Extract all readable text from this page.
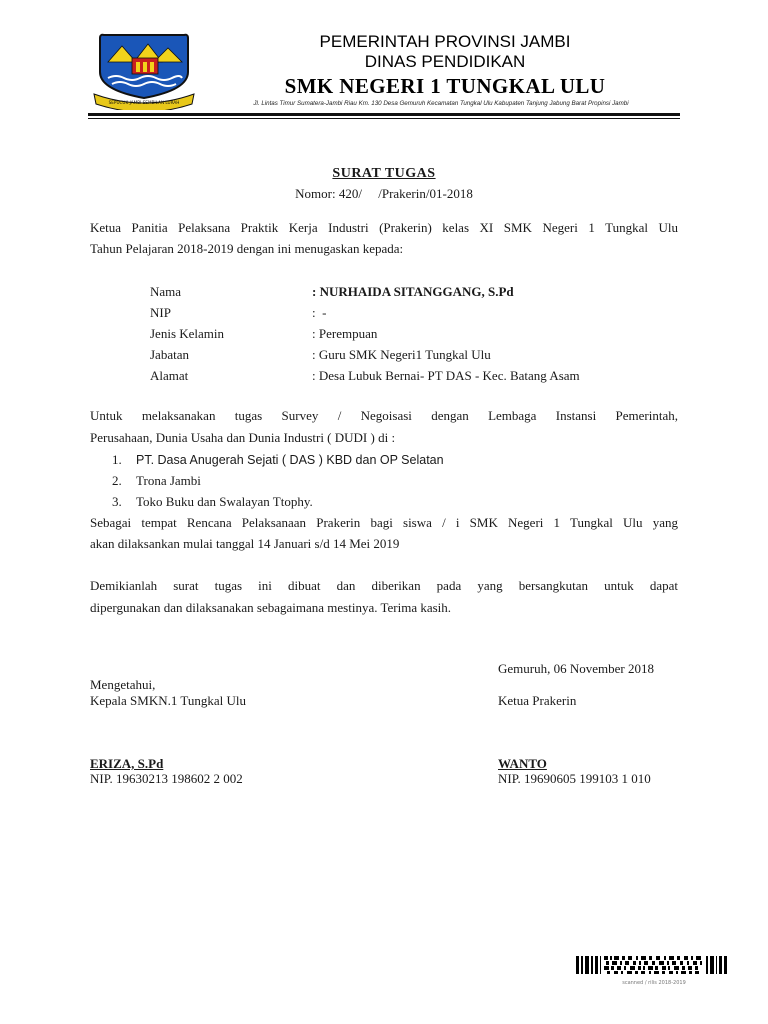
SEPUCUK JAMBI SEMBILAN LURAH
PEMERINTAH PROVINSI JAMBI
DINAS PENDIDIKAN
SMK NEGERI 1 TUNGKAL ULU
Jl. Lintas Timur Sumatera-Jambi Riau Km. 130 Desa Gemuruh Kecamatan Tungkal Ulu Kabupaten Tanjung Jabung Barat Propinsi Jambi
SURAT TUGAS
Nomor: 420/     /Prakerin/01-2018
Ketua Panitia Pelaksana Praktik Kerja Industri (Prakerin) kelas XI SMK Negeri 1 Tungkal Ulu
Tahun Pelajaran 2018-2019 dengan ini menugaskan kepada:
Nama	: NURHAIDA SITANGGANG, S.Pd
NIP	:  -
Jenis Kelamin	: Perempuan
Jabatan	: Guru SMK Negeri1 Tungkal Ulu
Alamat	: Desa Lubuk Bernai- PT DAS - Kec. Batang Asam
Untuk melaksanakan tugas Survey / Negoisasi dengan Lembaga Instansi Pemerintah,
Perusahaan, Dunia Usaha dan Dunia Industri ( DUDI ) di :
1. PT. Dasa Anugerah Sejati ( DAS ) KBD dan OP Selatan
2. Trona Jambi
3. Toko Buku dan Swalayan Ttophy.
Sebagai tempat Rencana Pelaksanaan Prakerin bagi siswa / i SMK Negeri 1 Tungkal Ulu yang
akan dilaksankan mulai tanggal 14 Januari s/d 14 Mei 2019
Demikianlah surat tugas ini dibuat dan diberikan pada yang bersangkutan untuk dapat
dipergunakan dan dilaksanakan sebagaimana mestinya. Terima kasih.
Gemuruh, 06 November 2018
Mengetahui,
Kepala SMKN.1 Tungkal Ulu	Ketua Prakerin
ERIZA, S.Pd	WANTO
NIP. 19630213 198602 2 002	NIP. 19690605 199103 1 010
scanned / rilis 2018-2019
